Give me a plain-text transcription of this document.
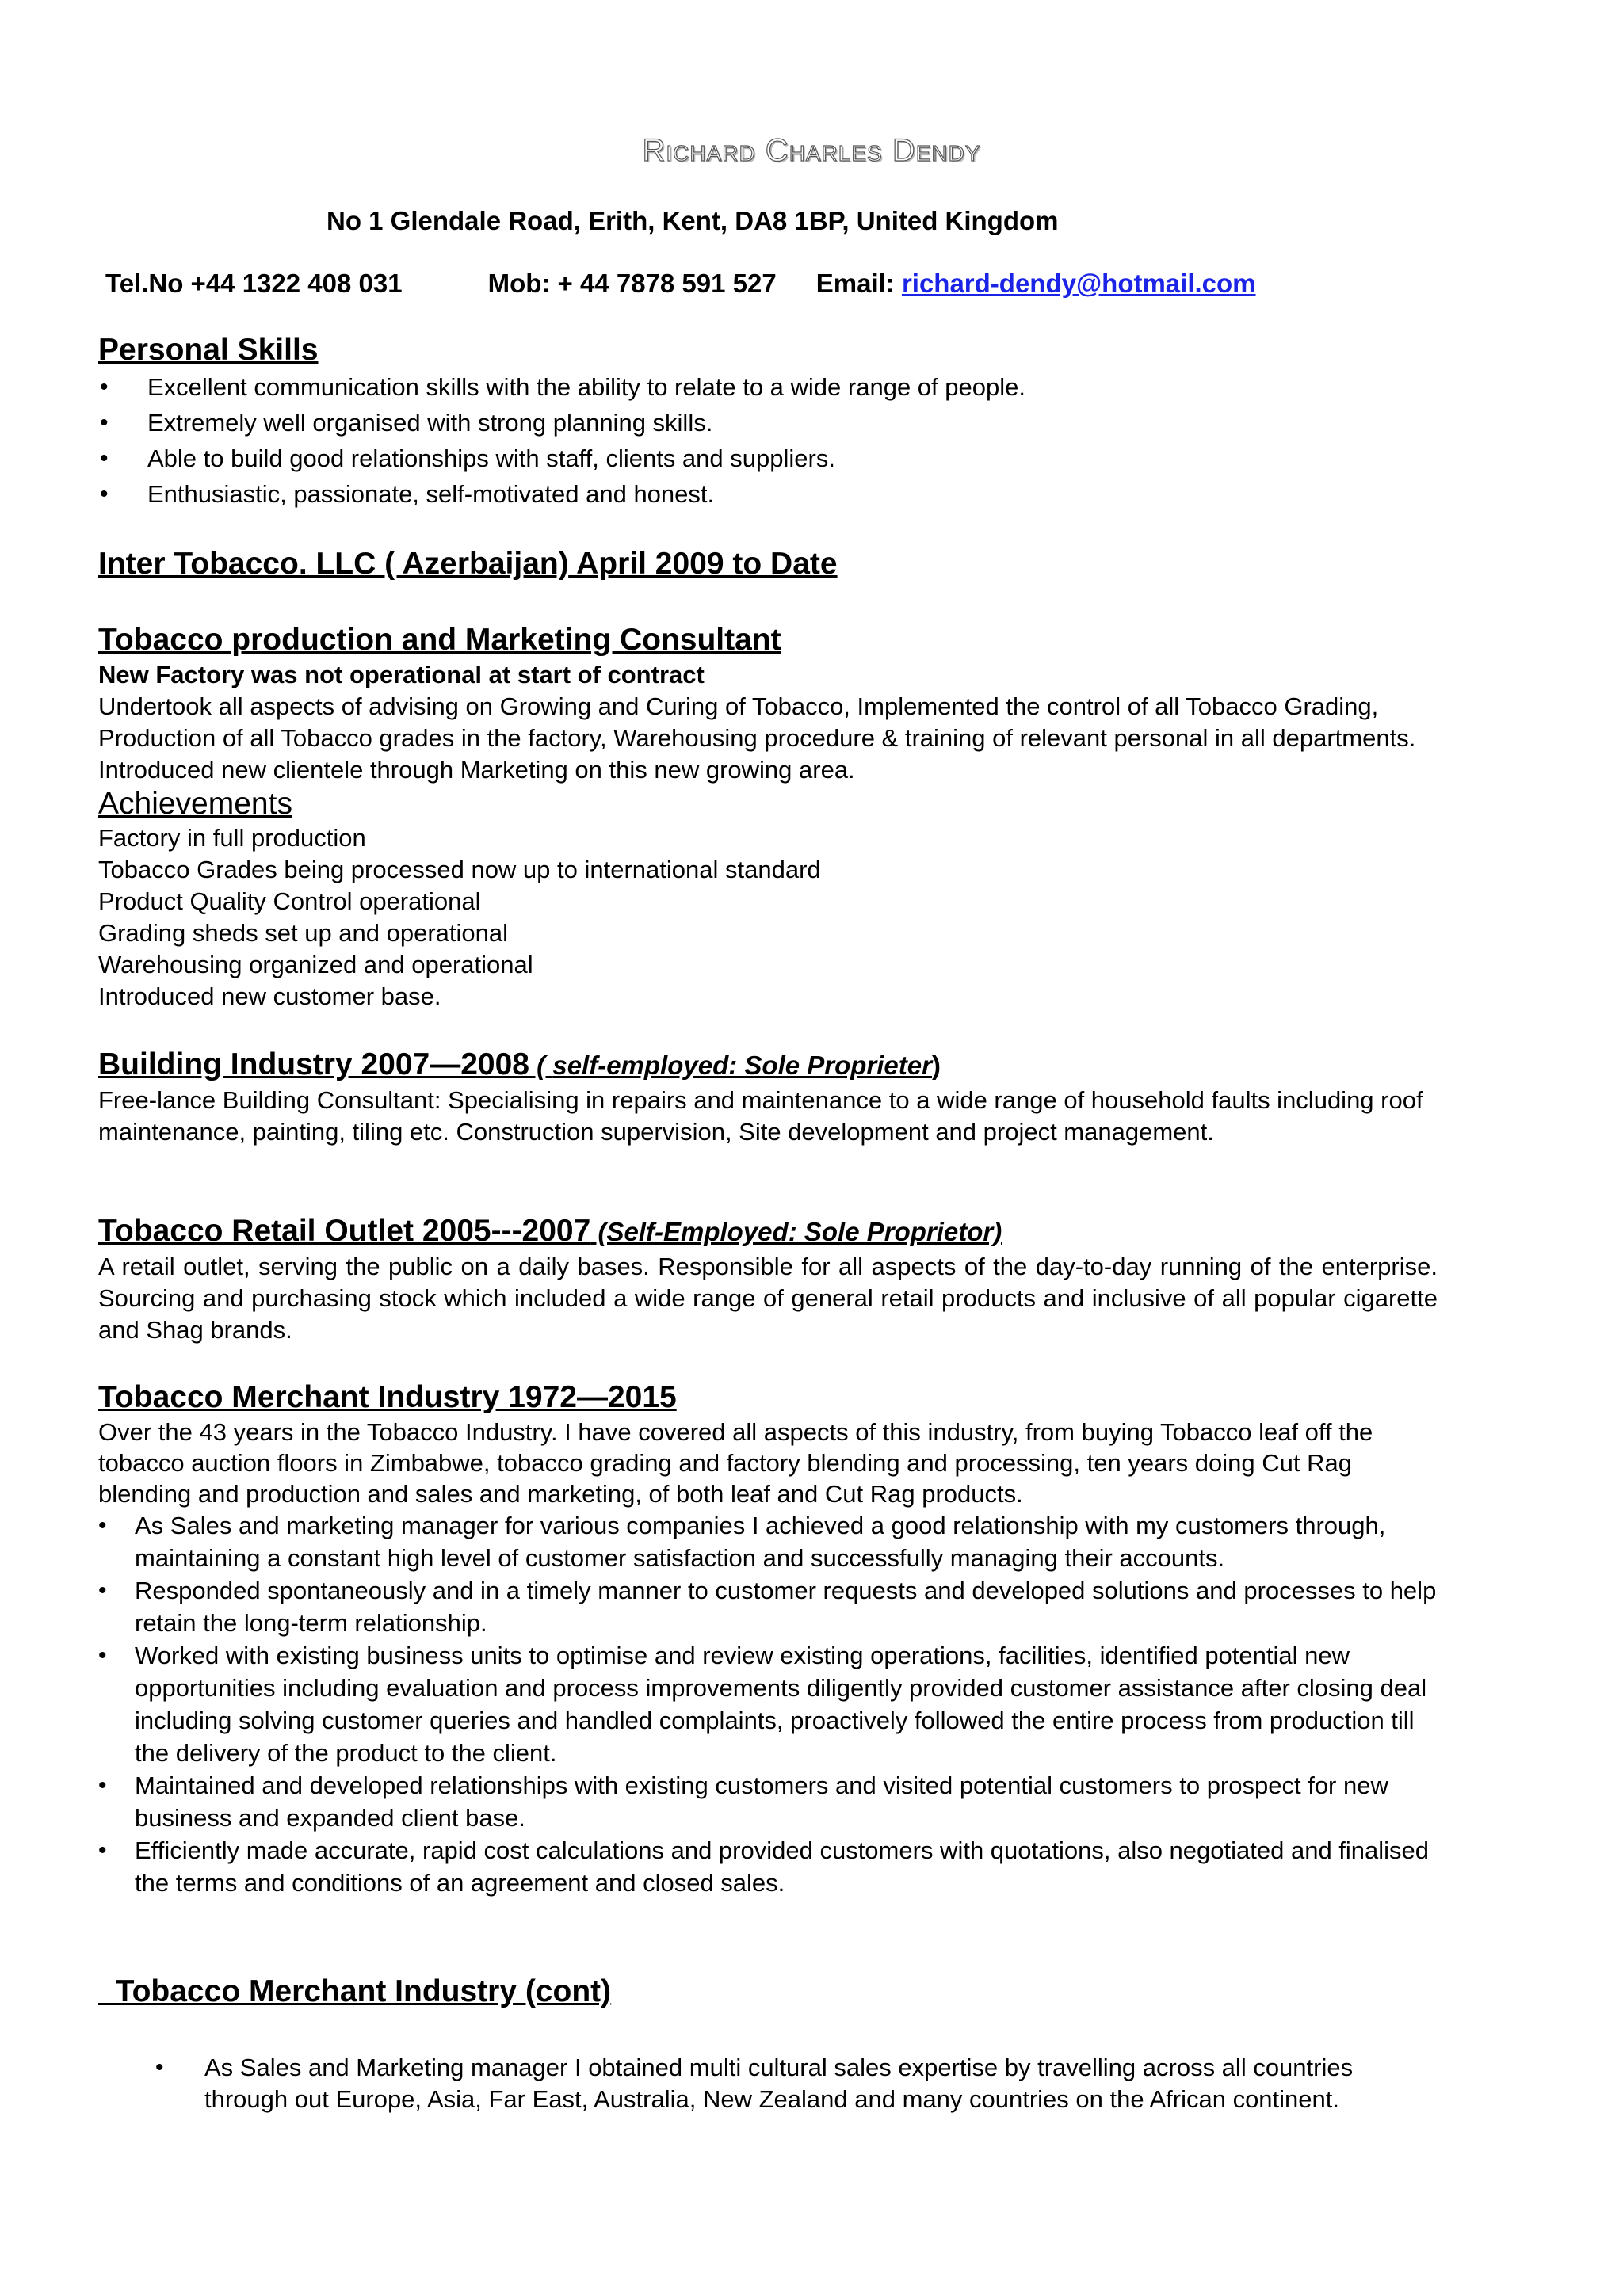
Richard Charles Dendy
No 1 Glendale Road, Erith, Kent, DA8 1BP, United Kingdom
Tel.No +44 1322 408 031	Mob: + 44 7878 591 527 Email: richard-dendy@hotmail.com
Personal Skills
• Excellent communication skills with the ability to relate to a wide range of people.
• Extremely well organised with strong planning skills.
• Able to build good relationships with staff, clients and suppliers.
• Enthusiastic, passionate, self-motivated and honest.
Inter Tobacco. LLC ( Azerbaijan) April 2009 to Date
Tobacco production and Marketing Consultant
New Factory was not operational at start of contract
Undertook all aspects of advising on Growing and Curing of Tobacco, Implemented the control of all Tobacco Grading, Production of all Tobacco grades in the factory, Warehousing procedure & training of relevant personal in all departments. Introduced new clientele through Marketing on this new growing area.
Achievements
Factory in full production
Tobacco Grades being processed now up to international standard
Product Quality Control operational
Grading sheds set up and operational
Warehousing organized and operational
Introduced new customer base.
Building Industry 2007—2008 ( self-employed: Sole Proprieter)
Free-lance Building Consultant: Specialising in repairs and maintenance to a wide range of household faults including roof maintenance, painting, tiling etc. Construction supervision, Site development and project management.
Tobacco Retail Outlet 2005---2007 (Self-Employed: Sole Proprietor)
A retail outlet, serving the public on a daily bases. Responsible for all aspects of the day-to-day running of the enterprise. Sourcing and purchasing stock which included a wide range of general retail products and inclusive of all popular cigarette and Shag brands.
Tobacco Merchant Industry 1972—2015
Over the 43 years in the Tobacco Industry. I have covered all aspects of this industry, from buying Tobacco leaf off the tobacco auction floors in Zimbabwe, tobacco grading and factory blending and processing, ten years doing Cut Rag blending and production and sales and marketing, of both leaf and Cut Rag products.
• As Sales and marketing manager for various companies I achieved a good relationship with my customers through, maintaining a constant high level of customer satisfaction and successfully managing their accounts.
• Responded spontaneously and in a timely manner to customer requests and developed solutions and processes to help retain the long-term relationship.
• Worked with existing business units to optimise and review existing operations, facilities, identified potential new opportunities including evaluation and process improvements diligently provided customer assistance after closing deal including solving customer queries and handled complaints, proactively followed the entire process from production till the delivery of the product to the client.
• Maintained and developed relationships with existing customers and visited potential customers to prospect for new business and expanded client base.
• Efficiently made accurate, rapid cost calculations and provided customers with quotations, also negotiated and finalised the terms and conditions of an agreement and closed sales.
Tobacco Merchant Industry (cont)
• As Sales and Marketing manager I obtained multi cultural sales expertise by travelling across all countries through out Europe, Asia, Far East, Australia, New Zealand and many countries on the African continent.
